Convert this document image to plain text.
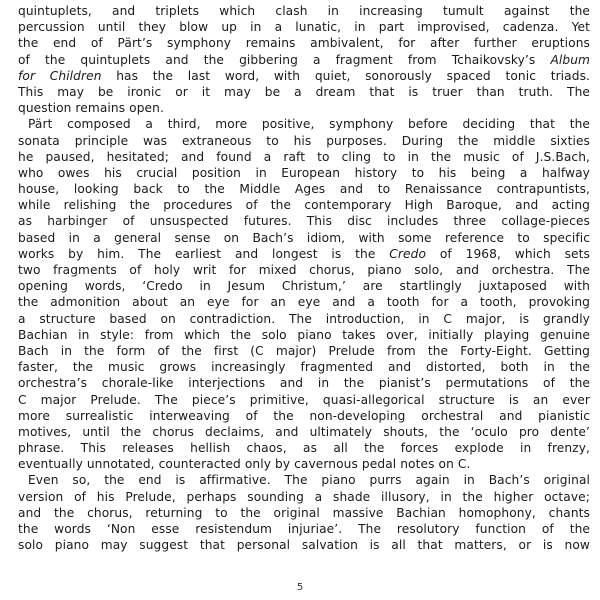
quintuplets, and triplets which clash in increasing tumult against the
percussion until they blow up in a lunatic, in part improvised, cadenza. Yet
the end of Pärt’s symphony remains ambivalent, for after further eruptions
of the quintuplets and the gibbering a fragment from Tchaikovsky’s Album
for Children has the last word, with quiet, sonorously spaced tonic triads.
This may be ironic or it may be a dream that is truer than truth. The
question remains open.
Pärt composed a third, more positive, symphony before deciding that the
sonata principle was extraneous to his purposes. During the middle sixties
he paused, hesitated; and found a raft to cling to in the music of J.S.Bach,
who owes his crucial position in European history to his being a halfway
house, looking back to the Middle Ages and to Renaissance contrapuntists,
while relishing the procedures of the contemporary High Baroque, and acting
as harbinger of unsuspected futures. This disc includes three collage-pieces
based in a general sense on Bach’s idiom, with some reference to specific
works by him. The earliest and longest is the Credo of 1968, which sets
two fragments of holy writ for mixed chorus, piano solo, and orchestra. The
opening words, ‘Credo in Jesum Christum,’ are startlingly juxtaposed with
the admonition about an eye for an eye and a tooth for a tooth, provoking
a structure based on contradiction. The introduction, in C major, is grandly
Bachian in style: from which the solo piano takes over, initially playing genuine
Bach in the form of the first (C major) Prelude from the Forty-Eight. Getting
faster, the music grows increasingly fragmented and distorted, both in the
orchestra’s chorale-like interjections and in the pianist’s permutations of the
C major Prelude. The piece’s primitive, quasi-allegorical structure is an ever
more surrealistic interweaving of the non-developing orchestral and pianistic
motives, until the chorus declaims, and ultimately shouts, the ‘oculo pro dente’
phrase. This releases hellish chaos, as all the forces explode in frenzy,
eventually unnotated, counteracted only by cavernous pedal notes on C.
Even so, the end is affirmative. The piano purrs again in Bach’s original
version of his Prelude, perhaps sounding a shade illusory, in the higher octave;
and the chorus, returning to the original massive Bachian homophony, chants
the words ‘Non esse resistendum injuriae’. The resolutory function of the
solo piano may suggest that personal salvation is all that matters, or is now
5
